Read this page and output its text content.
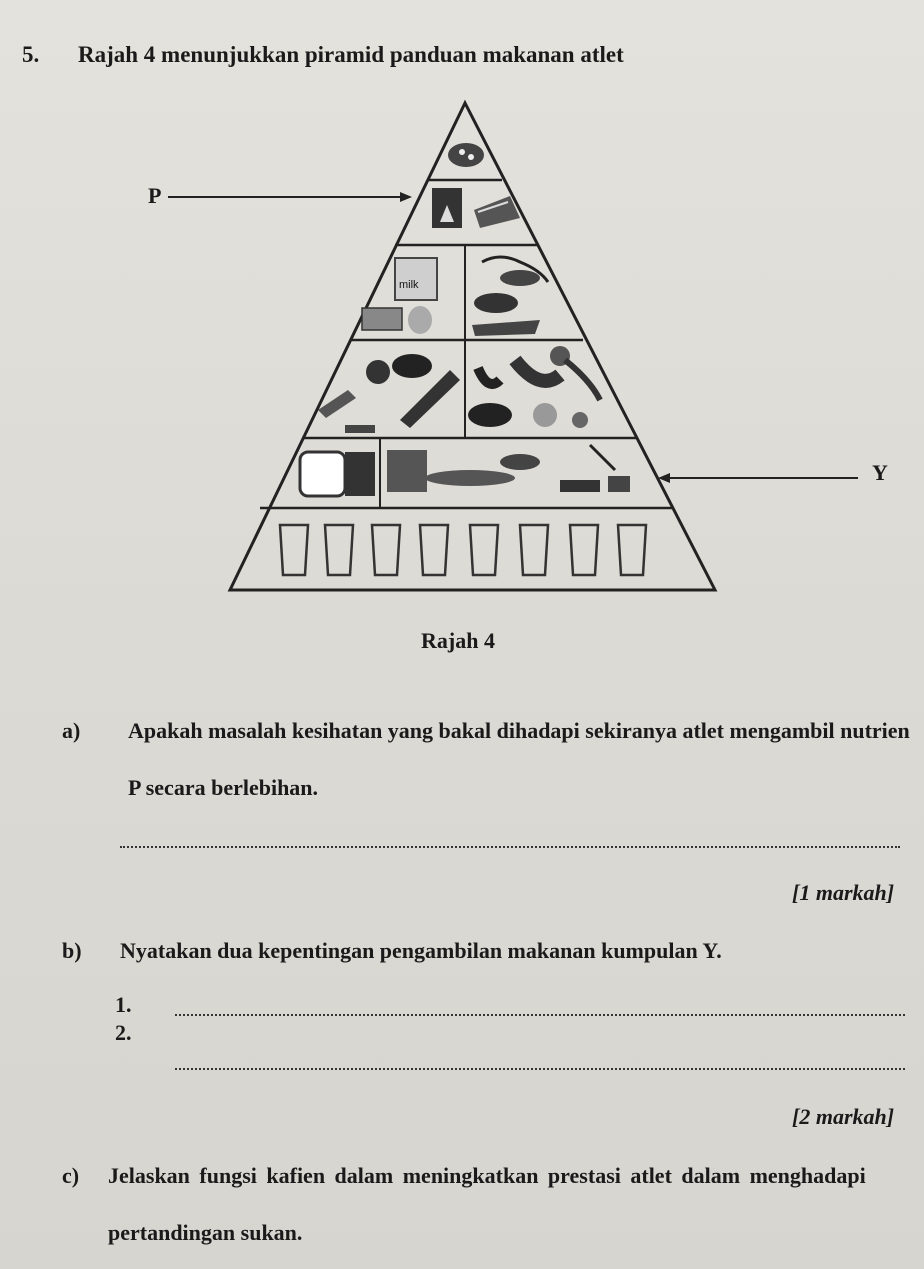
5. Rajah 4 menunjukkan piramid panduan makanan atlet
milk
P
Y
Rajah 4
a) Apakah masalah kesihatan yang bakal dihadapi sekiranya atlet mengambil nutrien
P secara berlebihan.
[1 markah]
b) Nyatakan dua kepentingan pengambilan makanan kumpulan Y.
1.
2.
[2 markah]
c) Jelaskan fungsi kafien dalam meningkatkan prestasi atlet dalam menghadapi
pertandingan sukan.
